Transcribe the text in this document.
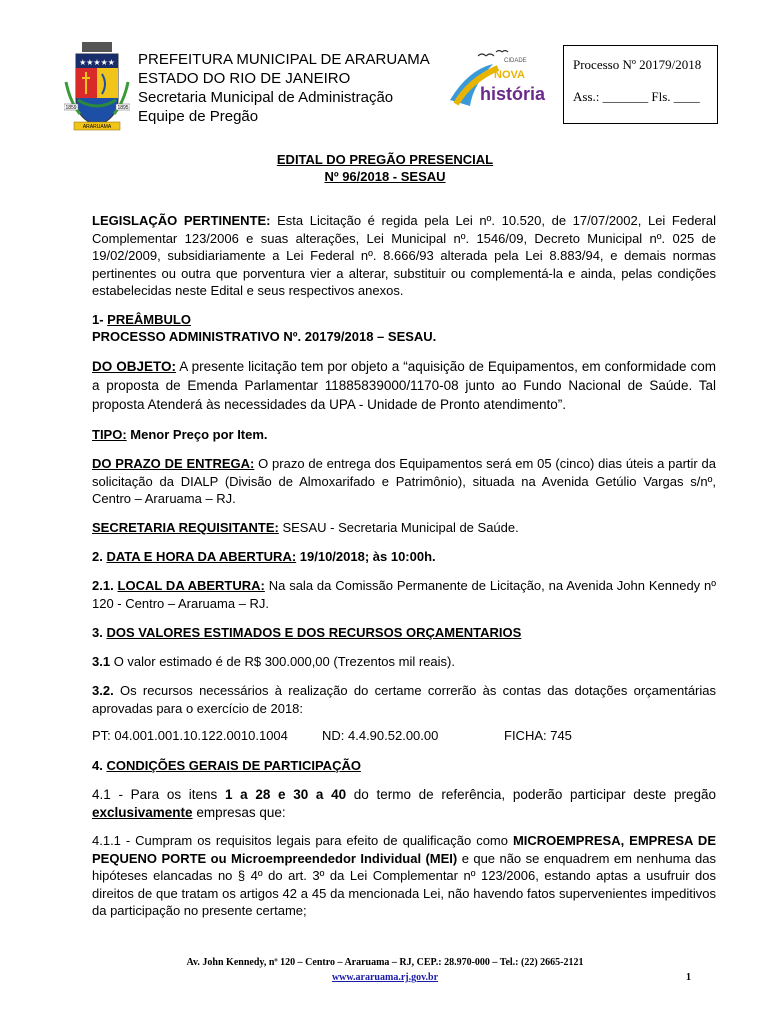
★★★★★
1859	1895
ARARUAMA
PREFEITURA MUNICIPAL DE ARARUAMA
ESTADO DO RIO DE JANEIRO
Secretaria Municipal de Administração
Equipe de Pregão
CIDADE
NOVA
história
Processo Nº 20179/2018
Ass.: _______ Fls. ____
EDITAL DO PREGÃO PRESENCIAL
Nº 96/2018 - SESAU
LEGISLAÇÃO PERTINENTE: Esta Licitação é regida pela Lei nº. 10.520, de 17/07/2002, Lei Federal Complementar 123/2006 e suas alterações, Lei Municipal nº. 1546/09, Decreto Municipal nº. 025 de 19/02/2009, subsidiariamente a Lei Federal nº. 8.666/93 alterada pela Lei 8.883/94, e demais normas pertinentes ou outra que porventura vier a alterar, substituir ou complementá-la e ainda, pelas condições estabelecidas neste Edital e seus respectivos anexos.
1- PREÂMBULO
PROCESSO ADMINISTRATIVO Nº. 20179/2018 – SESAU.
DO OBJETO: A presente licitação tem por objeto a “aquisição de Equipamentos, em conformidade com a proposta de Emenda Parlamentar 11885839000/1170-08 junto ao Fundo Nacional de Saúde. Tal proposta Atenderá às necessidades da UPA - Unidade de Pronto atendimento”.
TIPO: Menor Preço por Item.
DO PRAZO DE ENTREGA: O prazo de entrega dos Equipamentos será em 05 (cinco) dias úteis a partir da solicitação da DIALP (Divisão de Almoxarifado e Patrimônio), situada na Avenida Getúlio Vargas s/nº, Centro – Araruama – RJ.
SECRETARIA REQUISITANTE: SESAU - Secretaria Municipal de Saúde.
2. DATA E HORA DA ABERTURA: 19/10/2018; às 10:00h.
2.1. LOCAL DA ABERTURA: Na sala da Comissão Permanente de Licitação, na Avenida John Kennedy nº 120 - Centro – Araruama – RJ.
3. DOS VALORES ESTIMADOS E DOS RECURSOS ORÇAMENTARIOS
3.1 O valor estimado é de R$ 300.000,00 (Trezentos mil reais).
3.2. Os recursos necessários à realização do certame correrão às contas das dotações orçamentárias aprovadas para o exercício de 2018:
PT: 04.001.001.10.122.0010.1004	ND: 4.4.90.52.00.00	FICHA: 745
4. CONDIÇÕES GERAIS DE PARTICIPAÇÃO
4.1 - Para os itens 1 a 28 e 30 a 40 do termo de referência, poderão participar deste pregão exclusivamente empresas que:
4.1.1 - Cumpram os requisitos legais para efeito de qualificação como MICROEMPRESA, EMPRESA DE PEQUENO PORTE ou Microempreendedor Individual (MEI) e que não se enquadrem em nenhuma das hipóteses elancadas no § 4º do art. 3º da Lei Complementar nº 123/2006, estando aptas a usufruir dos direitos de que tratam os artigos 42 a 45 da mencionada Lei, não havendo fatos supervenientes impeditivos da participação no presente certame;
Av. John Kennedy, nº 120 – Centro – Araruama – RJ, CEP.: 28.970-000 – Tel.: (22) 2665-2121
www.araruama.rj.gov.br	1
